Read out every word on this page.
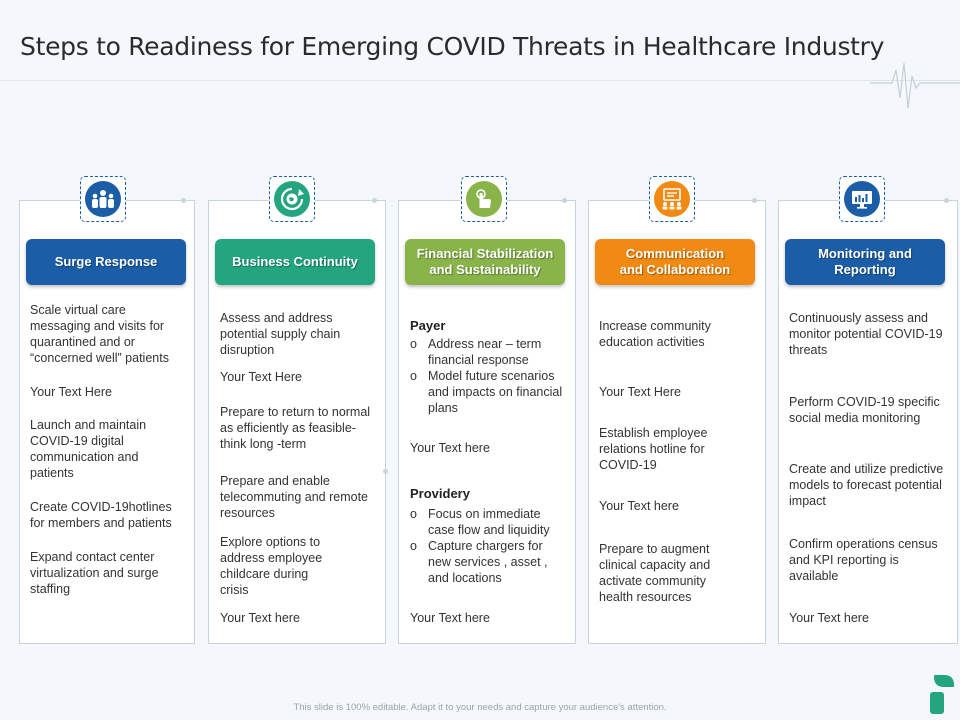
Steps to Readiness for Emerging COVID Threats in Healthcare Industry
Surge Response
Scale virtual care messaging and visits for quarantined and or “concerned well” patients
Your Text Here
Launch and maintain COVID-19 digital communication and patients
Create COVID-19hotlines for members and patients
Expand contact center virtualization and surge staffing
Business Continuity
Assess and address potential supply chain disruption
Your Text Here
Prepare to return to normal as efficiently as feasible-think long -term
Prepare and enable telecommuting and remote resources
Explore options to address employee childcare during crisis
Your Text here
Financial Stabilization
and Sustainability
Payer
o Address near – term financial response
o Model future scenarios and impacts on financial plans
Your Text here
Providery
o Focus on immediate case flow and liquidity
o Capture chargers for new services , asset , and locations
Your Text here
Communication
and Collaboration
Increase community education activities
Your Text Here
Establish employee relations hotline for COVID-19
Your Text here
Prepare to augment clinical capacity and activate community health resources
Monitoring and
Reporting
Continuously assess and monitor potential COVID-19 threats
Perform COVID-19 specific social media monitoring
Create and utilize predictive models to forecast potential impact
Confirm operations census and KPI reporting is available
Your Text here
This slide is 100% editable. Adapt it to your needs and capture your audience's attention.
